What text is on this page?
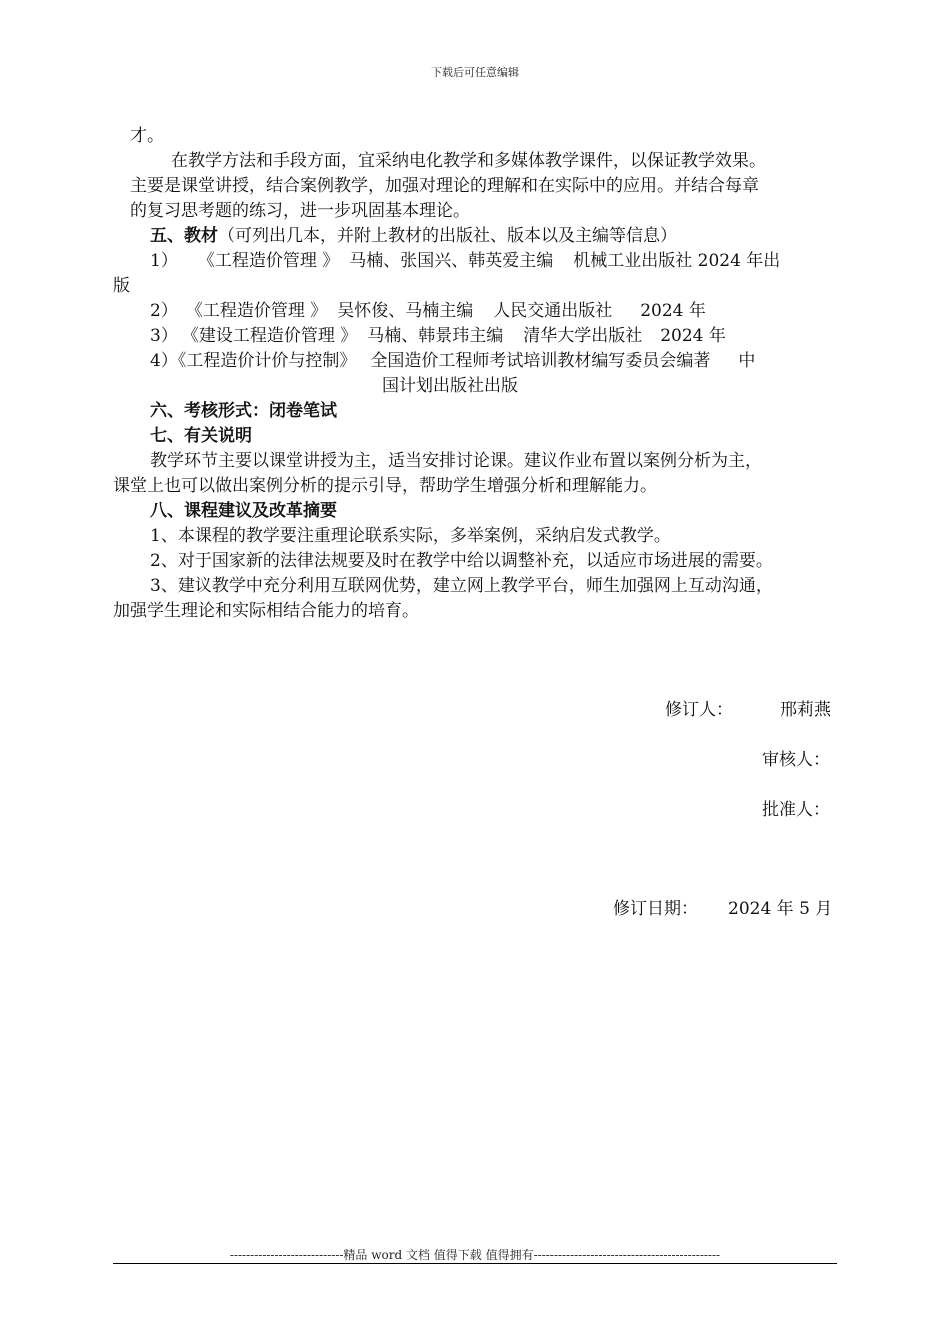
下载后可任意编辑
才。
在教学方法和手段方面，宜采纳电化教学和多媒体教学课件，以保证教学效果。
主要是课堂讲授，结合案例教学，加强对理论的理解和在实际中的应用。并结合每章
的复习思考题的练习，进一步巩固基本理论。
五、教材（可列出几本，并附上教材的出版社、版本以及主编等信息）
1） 《工程造价管理 》 马楠、张国兴、韩英爱主编 机械工业出版社 2024 年出
版
2） 《工程造价管理 》 吴怀俊、马楠主编 人民交通出版社 2024 年
3） 《建设工程造价管理 》 马楠、韩景玮主编 清华大学出版社 2024 年
4）《工程造价计价与控制》 全国造价工程师考试培训教材编写委员会编著 中
国计划出版社出版
六、考核形式：闭卷笔试
七、有关说明
教学环节主要以课堂讲授为主，适当安排讨论课。建议作业布置以案例分析为主，
课堂上也可以做出案例分析的提示引导，帮助学生增强分析和理解能力。
八、课程建议及改革摘要
1、本课程的教学要注重理论联系实际，多举案例，采纳启发式教学。
2、对于国家新的法律法规要及时在教学中给以调整补充，以适应市场进展的需要。
3、建议教学中充分利用互联网优势，建立网上教学平台，师生加强网上互动沟通，
加强学生理论和实际相结合能力的培育。
修订人：	邢莉燕
审核人：
批准人：
修订日期： 2024 年 5 月
----------------------------精品 word 文档 值得下载 值得拥有----------------------------------------------
